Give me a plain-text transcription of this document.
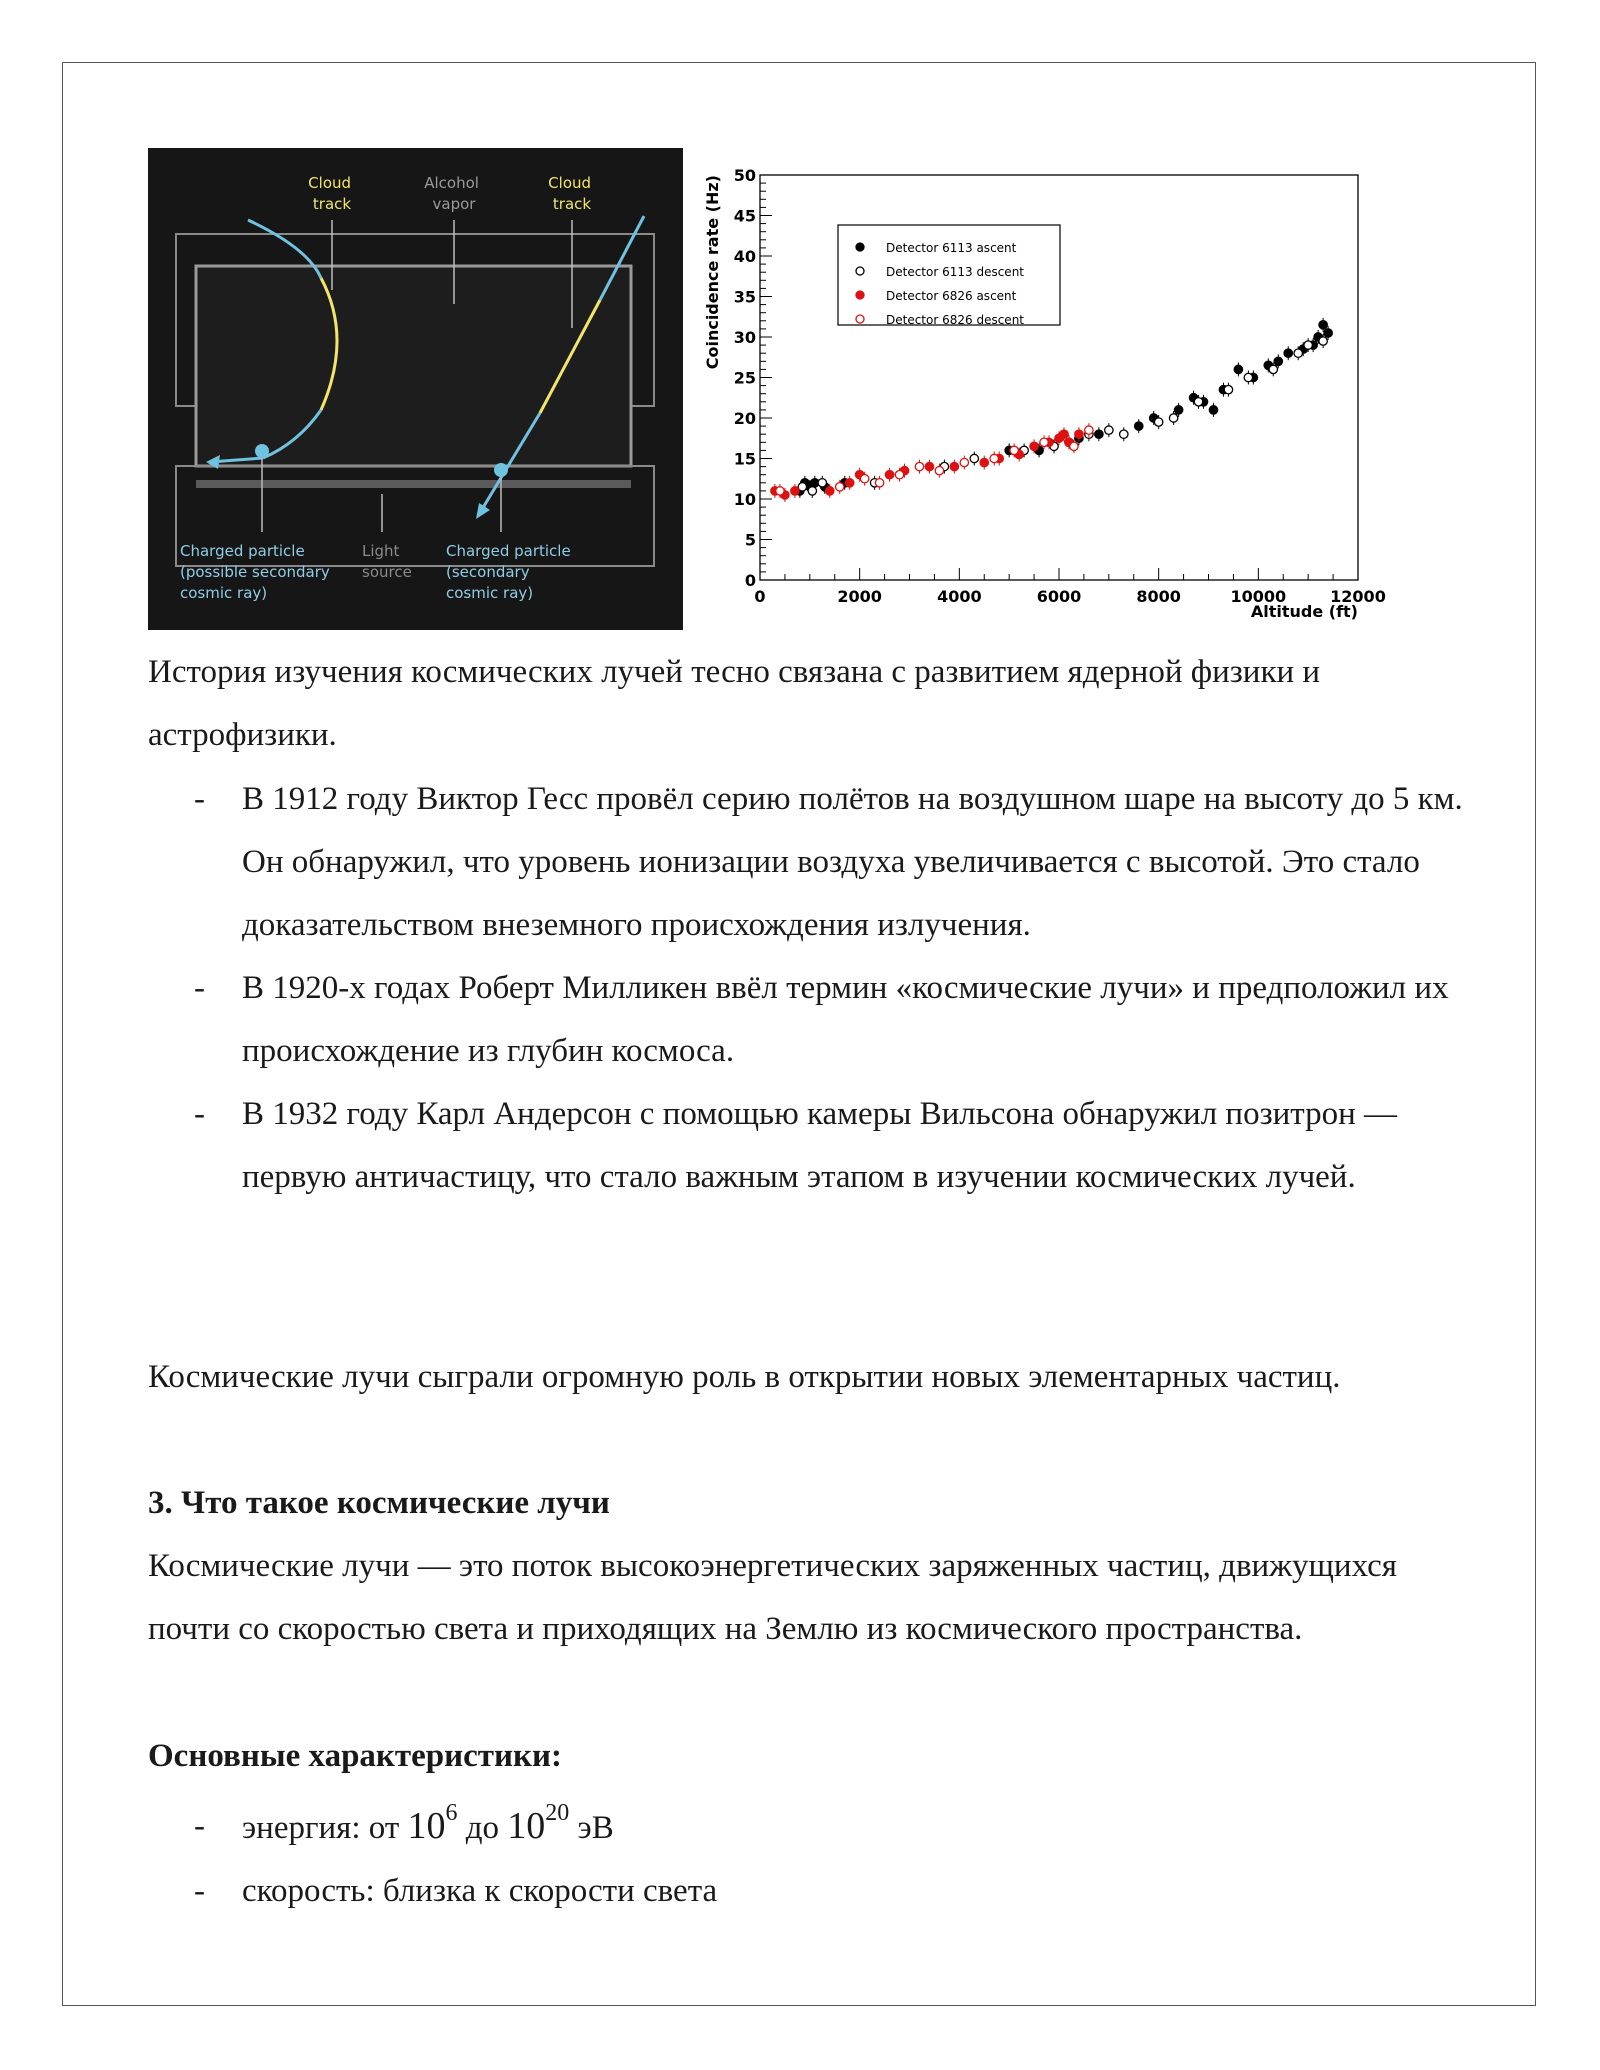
Cloud track
Alcohol vapor
Cloud track
Charged particle (possible secondary cosmic ray)
Light source
Charged particle (secondary cosmic ray)	0	2000	4000	6000	8000	10000	12000
0
5
10
15
20
25
30
35
40
45
50
Altitude (ft)
Coincidence rate (Hz)	Detector 6113 ascent
Detector 6113 descent
Detector 6826 ascent
Detector 6826 descent
История изучения космических лучей тесно связана с развитием ядерной физики и астрофизики.
- В 1912 году Виктор Гесс провёл серию полётов на воздушном шаре на высоту до 5 км. Он обнаружил, что уровень ионизации воздуха увеличивается с высотой. Это стало доказательством внеземного происхождения излучения.
- В 1920-х годах Роберт Милликен ввёл термин «космические лучи» и предположил их происхождение из глубин космоса.
- В 1932 году Карл Андерсон с помощью камеры Вильсона обнаружил позитрон — первую античастицу, что стало важным этапом в изучении космических лучей.
Космические лучи сыграли огромную роль в открытии новых элементарных частиц.
3. Что такое космические лучи
Космические лучи — это поток высокоэнергетических заряженных частиц, движущихся почти со скоростью света и приходящих на Землю из космического пространства.
Основные характеристики:
- энергия: от $10^6$ до $10^{20}$ эВ
- скорость: близка к скорости света
